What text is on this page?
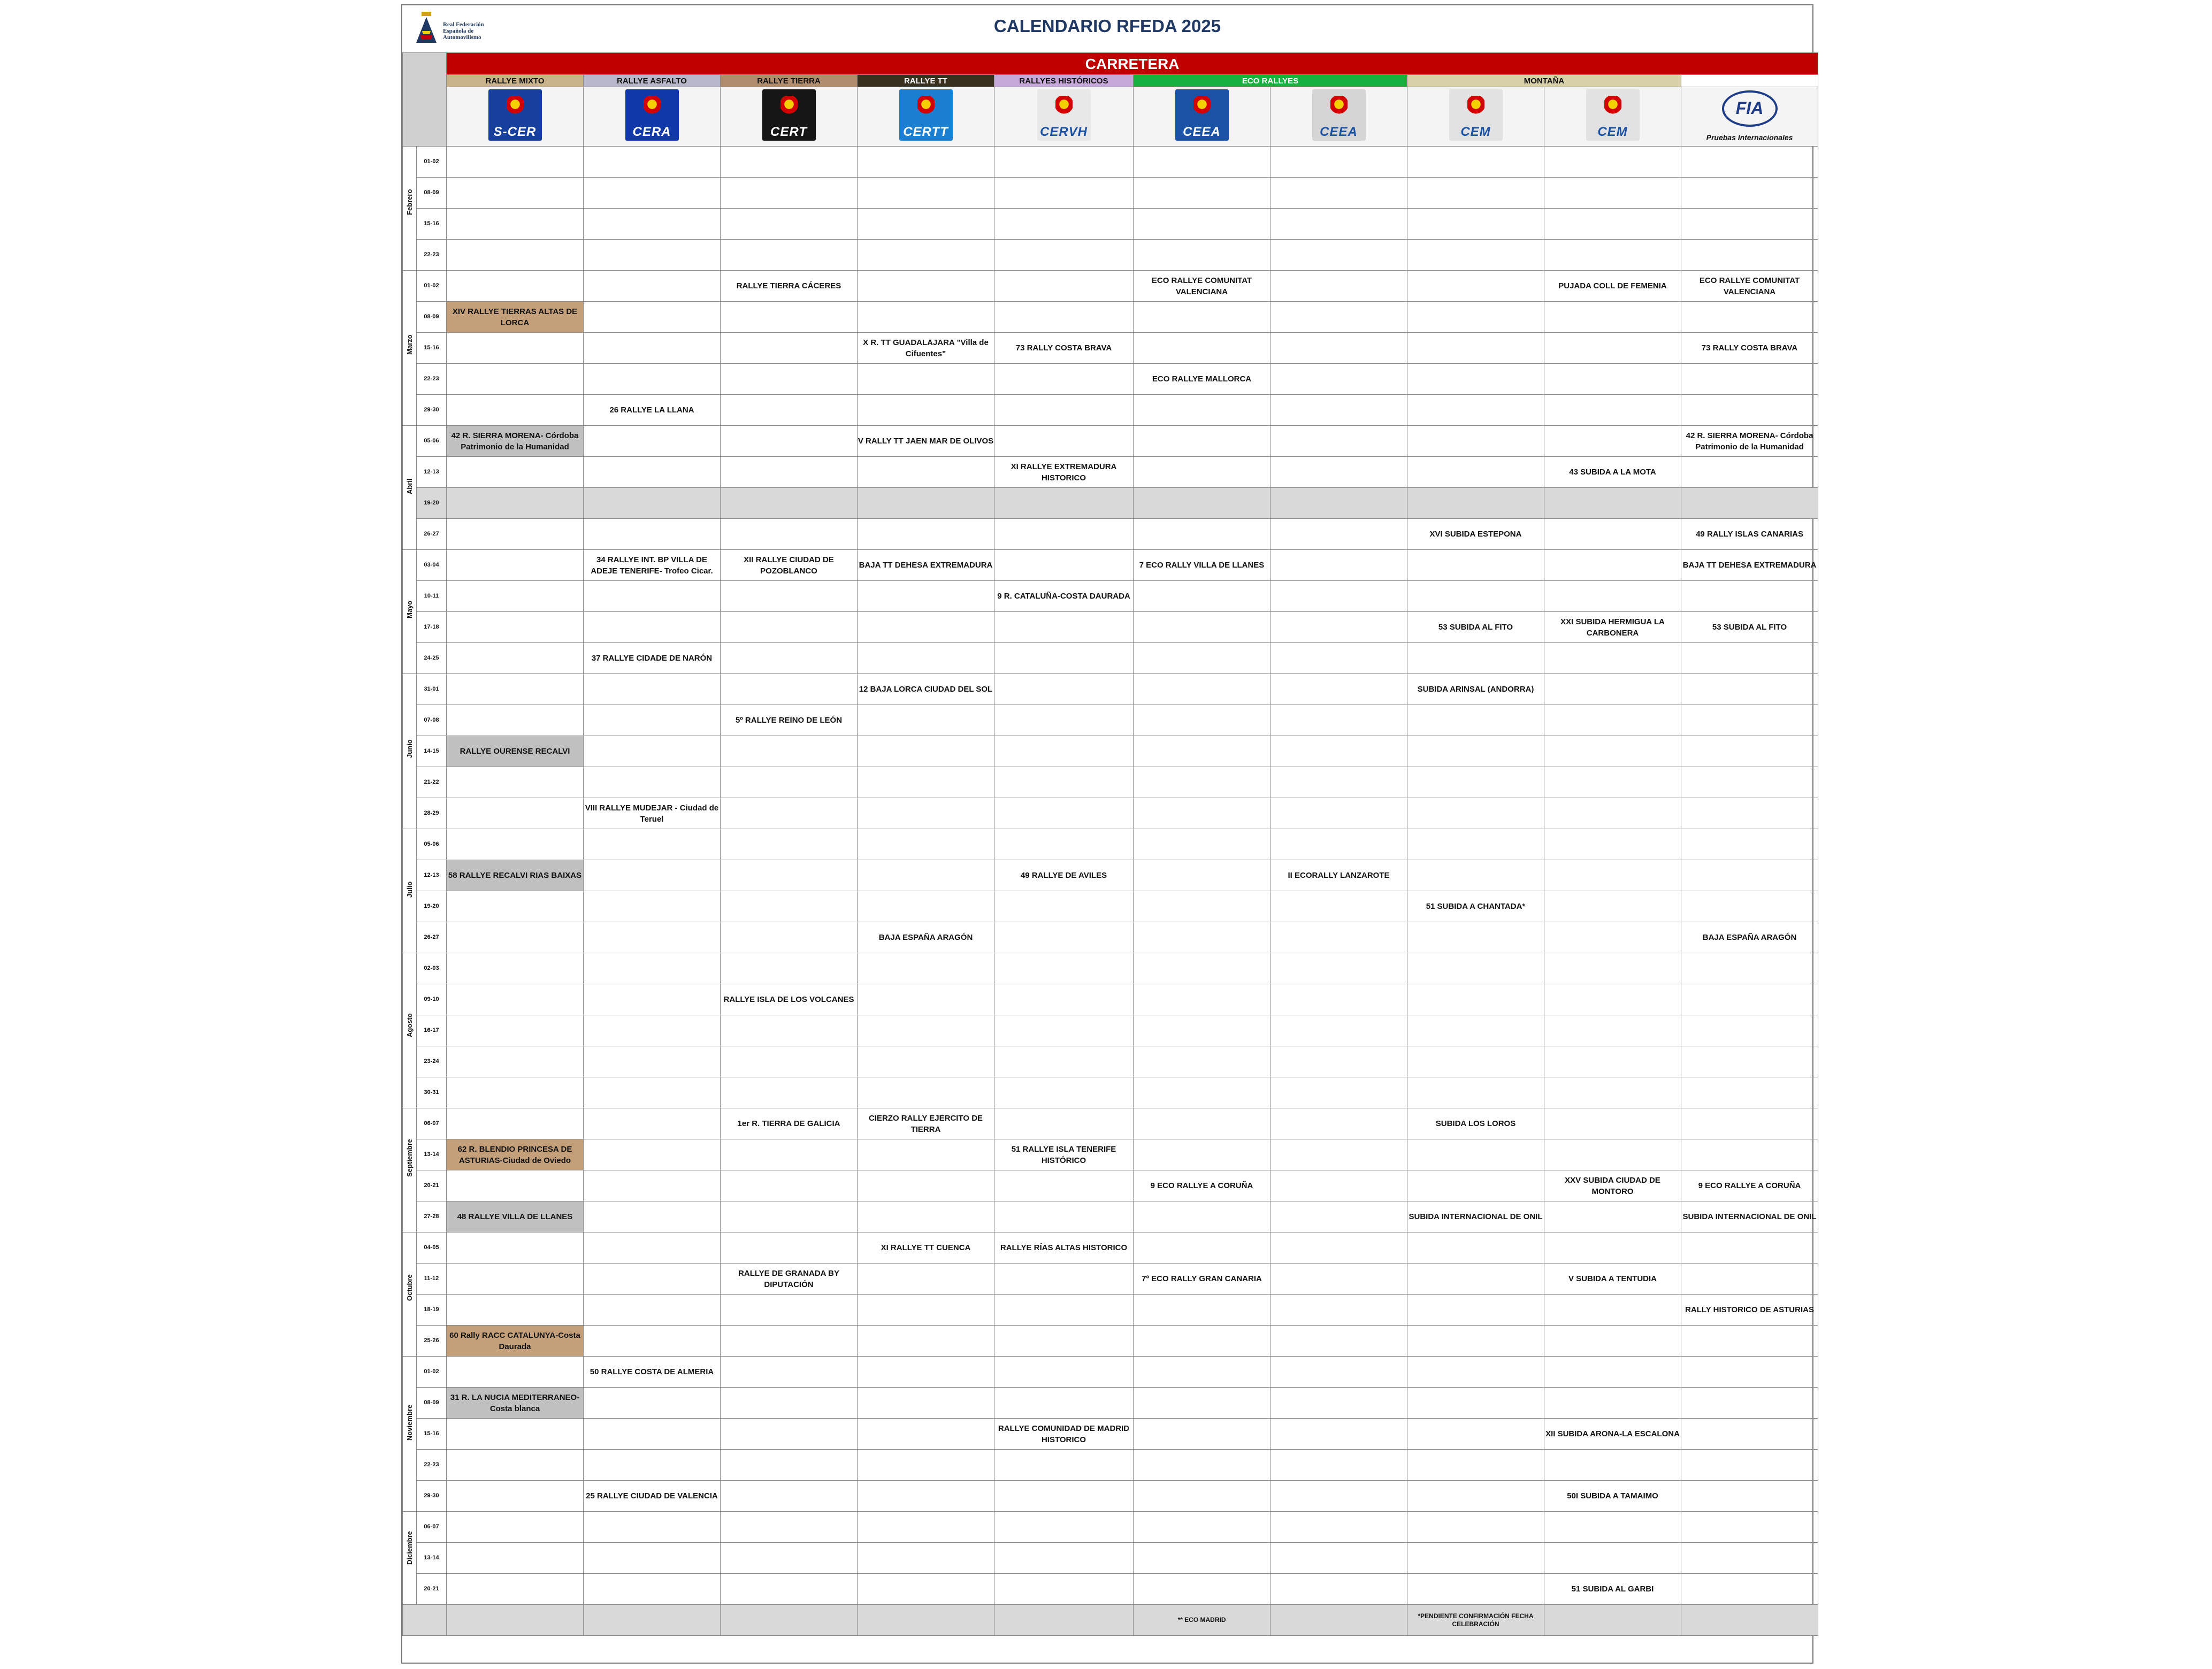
Real Federación
Española de
Automovilismo
CALENDARIO RFEDA 2025
		CARRETERA									
		RALLYE MIXTO	RALLYE ASFALTO	RALLYE TIERRA	RALLYE TT	RALLYES HISTÓRICOS	ECO RALLYES		MONTAÑA		

		S-CER	CERA	CERT	CERTT	CERVH	CEEA	CEEA	CEM	CEM	FIA
Pruebas Internacionales

Febrero	01-02										
	08-09										
	15-16										
	22-23										

Marzo	01-02			RALLYE TIERRA CÁCERES			ECO RALLYE COMUNITAT VALENCIANA			PUJADA COLL DE FEMENIA	ECO RALLYE COMUNITAT VALENCIANA
	08-09	XIV RALLYE TIERRAS ALTAS DE LORCA									
	15-16				X R. TT GUADALAJARA "Villa de Cifuentes"	73 RALLY COSTA BRAVA					73 RALLY COSTA BRAVA
	22-23						ECO RALLYE MALLORCA				
	29-30		26 RALLYE LA LLANA								

Abril	05-06	42 R. SIERRA MORENA- Córdoba Patrimonio de la Humanidad			V RALLY TT JAEN MAR DE OLIVOS						42 R. SIERRA MORENA- Córdoba Patrimonio de la Humanidad
	12-13					XI RALLYE EXTREMADURA HISTORICO				43 SUBIDA A LA MOTA	
	19-20										
	26-27								XVI SUBIDA ESTEPONA		49 RALLY ISLAS CANARIAS

Mayo	03-04		34 RALLYE INT. BP VILLA DE ADEJE TENERIFE- Trofeo Cicar.	XII RALLYE CIUDAD DE POZOBLANCO	BAJA TT DEHESA EXTREMADURA		7 ECO RALLY VILLA DE LLANES				BAJA TT DEHESA EXTREMADURA
	10-11					9 R. CATALUÑA-COSTA DAURADA					
	17-18								53 SUBIDA AL FITO	XXI SUBIDA HERMIGUA LA CARBONERA	53 SUBIDA AL FITO
	24-25		37 RALLYE CIDADE DE NARÓN								

Junio	31-01				12 BAJA LORCA CIUDAD DEL SOL				SUBIDA ARINSAL (ANDORRA)		
	07-08			5º RALLYE REINO DE LEÓN							
	14-15	RALLYE OURENSE RECALVI									
	21-22										
	28-29		VIII RALLYE MUDEJAR - Ciudad de Teruel								

Julio	05-06										
	12-13	58 RALLYE RECALVI RIAS BAIXAS				49 RALLYE DE AVILES		II ECORALLY LANZAROTE			
	19-20								51 SUBIDA A CHANTADA*		
	26-27				BAJA ESPAÑA ARAGÓN						BAJA ESPAÑA ARAGÓN

Agosto	02-03										
	09-10			RALLYE ISLA DE LOS VOLCANES							
	16-17										
	23-24										
	30-31										

Septiembre	06-07			1er R. TIERRA DE GALICIA	CIERZO RALLY EJERCITO DE TIERRA				SUBIDA LOS LOROS		
	13-14	62 R. BLENDIO PRINCESA DE ASTURIAS-Ciudad de Oviedo				51 RALLYE ISLA TENERIFE HISTÓRICO					
	20-21						9 ECO RALLYE A CORUÑA			XXV SUBIDA CIUDAD DE MONTORO	9 ECO RALLYE A CORUÑA
	27-28	48 RALLYE VILLA DE LLANES							SUBIDA INTERNACIONAL DE ONIL		SUBIDA INTERNACIONAL DE ONIL

Octubre	04-05				XI RALLYE TT CUENCA	RALLYE RÍAS ALTAS HISTORICO					
	11-12			RALLYE DE GRANADA BY DIPUTACIÓN			7º ECO RALLY GRAN CANARIA			V SUBIDA A TENTUDIA	
	18-19										RALLY HISTORICO DE ASTURIAS
	25-26	60 Rally RACC CATALUNYA-Costa Daurada									

Noviembre	01-02		50 RALLYE COSTA DE ALMERIA								
	08-09	31 R. LA NUCIA MEDITERRANEO-Costa blanca									
	15-16					RALLYE COMUNIDAD DE MADRID HISTORICO				XII SUBIDA ARONA-LA ESCALONA	
	22-23										
	29-30		25 RALLYE CIUDAD DE VALENCIA							50I SUBIDA A TAMAIMO	

Diciembre	06-07										
	13-14										
	20-21									51 SUBIDA AL GARBI	
							** ECO MADRID		*PENDIENTE CONFIRMACIÓN FECHA CELEBRACIÓN		
